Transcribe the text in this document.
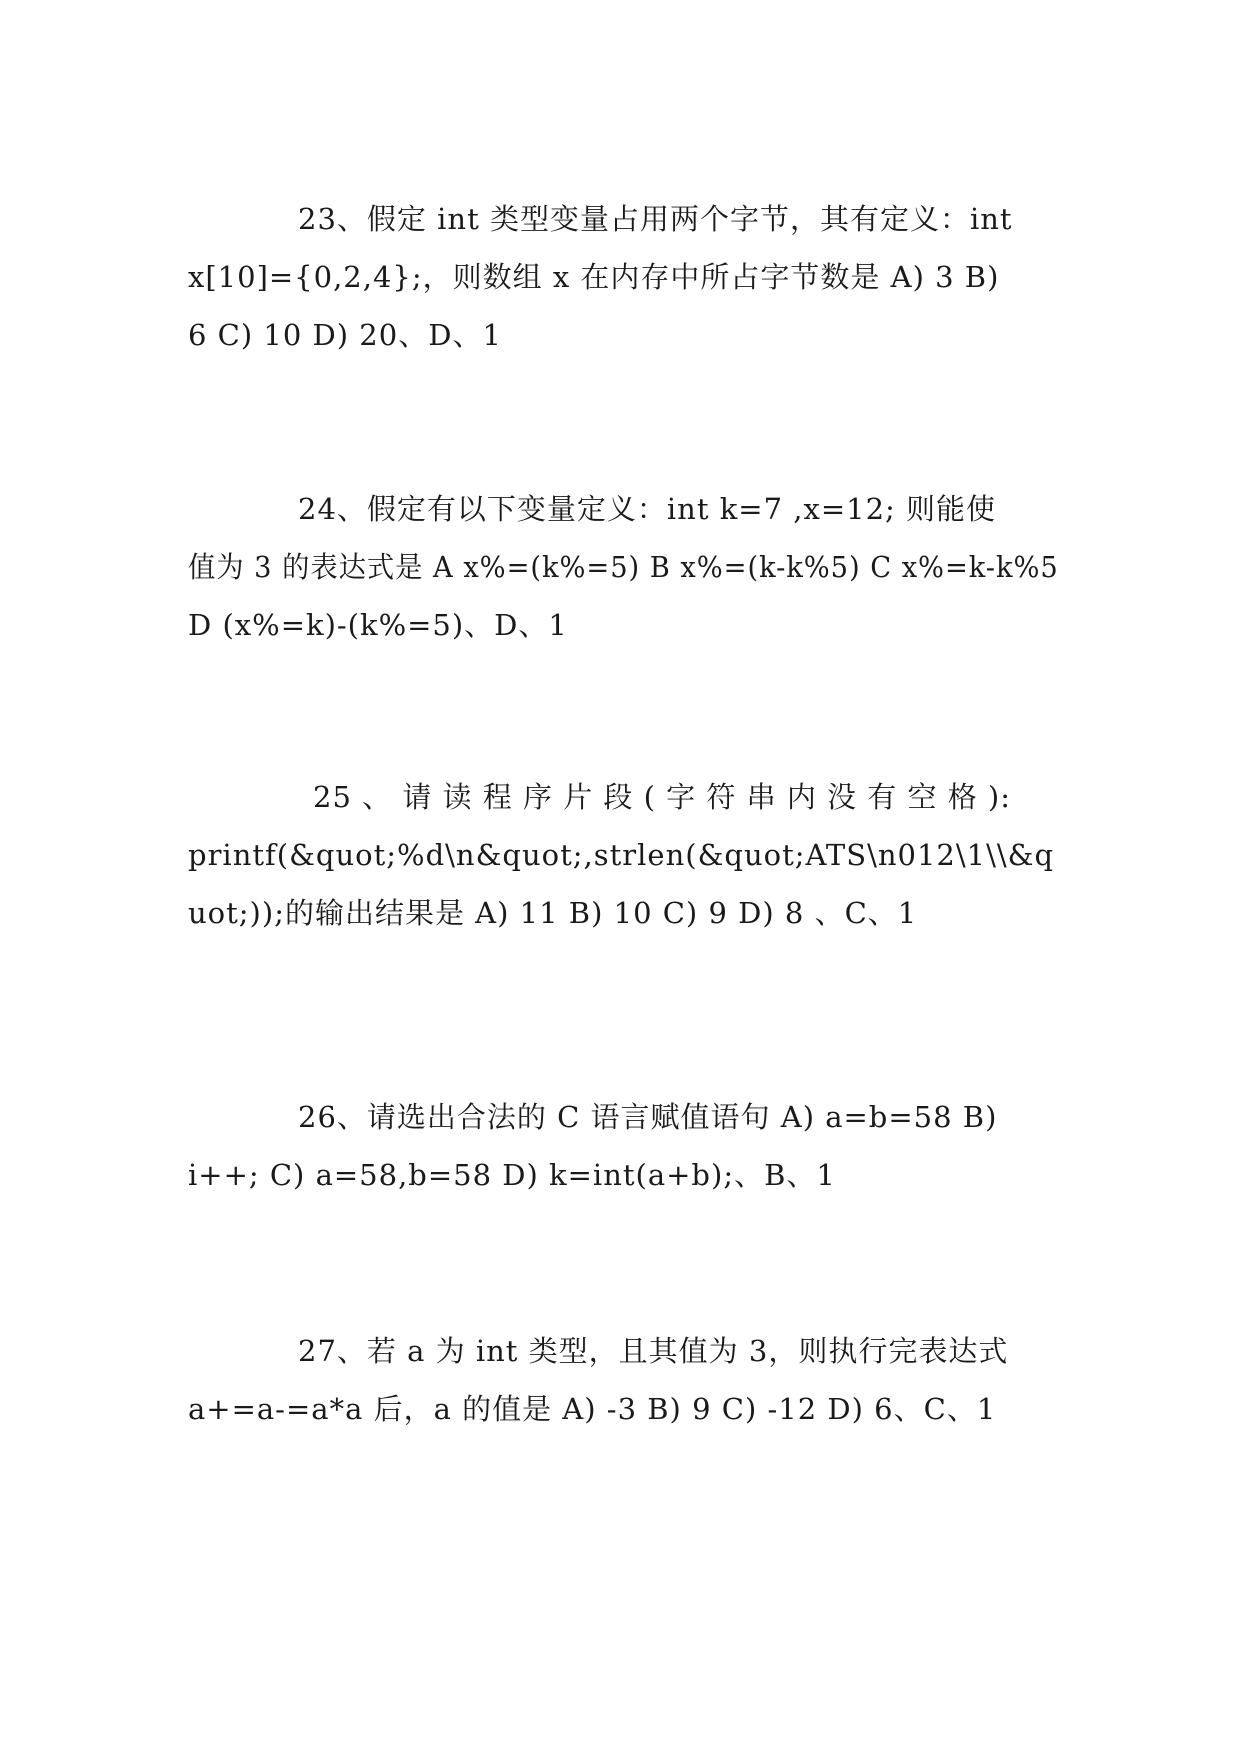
23、假定 int 类型变量占用两个字节，其有定义：int
x[10]={0,2,4};，则数组 x 在内存中所占字节数是 A) 3 B)
6 C) 10 D) 20、D、1
24、假定有以下变量定义：int k=7 ,x=12; 则能使
值为 3 的表达式是 A x%=(k%=5) B x%=(k-k%5) C x%=k-k%5
D (x%=k)-(k%=5)、D、1
25 、 请 读 程 序 片 段 ( 字 符 串 内 没 有 空 格 ):
printf(&quot;%d\n&quot;,strlen(&quot;ATS\n012\1\\&q
uot;));的输出结果是 A) 11 B) 10 C) 9 D) 8 、C、1
26、请选出合法的 C 语言赋值语句 A) a=b=58 B)
i++; C) a=58,b=58 D) k=int(a+b);、B、1
27、若 a 为 int 类型，且其值为 3，则执行完表达式
a+=a-=a*a 后，a 的值是 A) -3 B) 9 C) -12 D) 6、C、1
